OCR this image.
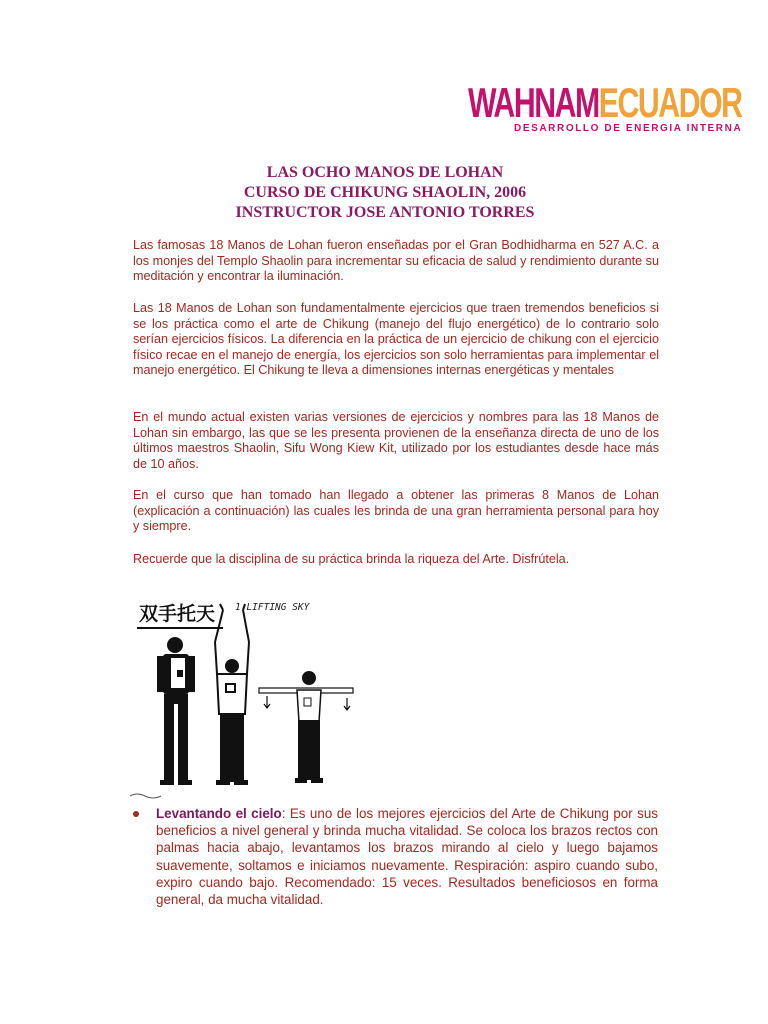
WAHNAMECUADOR
DESARROLLO DE ENERGIA INTERNA
LAS OCHO MANOS DE LOHAN
CURSO DE CHIKUNG SHAOLIN, 2006
INSTRUCTOR JOSE ANTONIO TORRES

Las famosas 18 Manos de Lohan fueron enseñadas por el Gran Bodhidharma en 527 A.C. a los monjes del Templo Shaolin para incrementar su eficacia de salud y rendimiento durante su meditación y encontrar la iluminación.

Las 18 Manos de Lohan son fundamentalmente ejercicios que traen tremendos beneficios si se los práctica como el arte de Chikung (manejo del flujo energético) de lo contrario solo serían ejercicios físicos. La diferencia en la práctica de un ejercicio de chikung con el ejercicio físico recae en el manejo de energía, los ejercicios son solo herramientas para implementar el manejo energético. El Chikung te lleva a dimensiones internas energéticas y mentales

En el mundo actual existen varias versiones de ejercicios y nombres para las 18 Manos de Lohan sin embargo, las que se les presenta provienen de la enseñanza directa de uno de los últimos maestros Shaolin, Sifu Wong Kiew Kit, utilizado por los estudiantes desde hace más de 10 años.

En el curso que han tomado han llegado a obtener las primeras 8 Manos de Lohan (explicación a continuación) las cuales les brinda de una gran herramienta personal para hoy y siempre.

Recuerde que la disciplina de su práctica brinda la riqueza del Arte. Disfrútela.

双手托天 1 LIFTING SKY

Levantando el cielo: Es uno de los mejores ejercicios del Arte de Chikung por sus beneficios a nivel general y brinda mucha vitalidad. Se coloca los brazos rectos con palmas hacia abajo, levantamos los brazos mirando al cielo y luego bajamos suavemente, soltamos e iniciamos nuevamente. Respiración: aspiro cuando subo, expiro cuando bajo. Recomendado: 15 veces. Resultados beneficiosos en forma general, da mucha vitalidad.
